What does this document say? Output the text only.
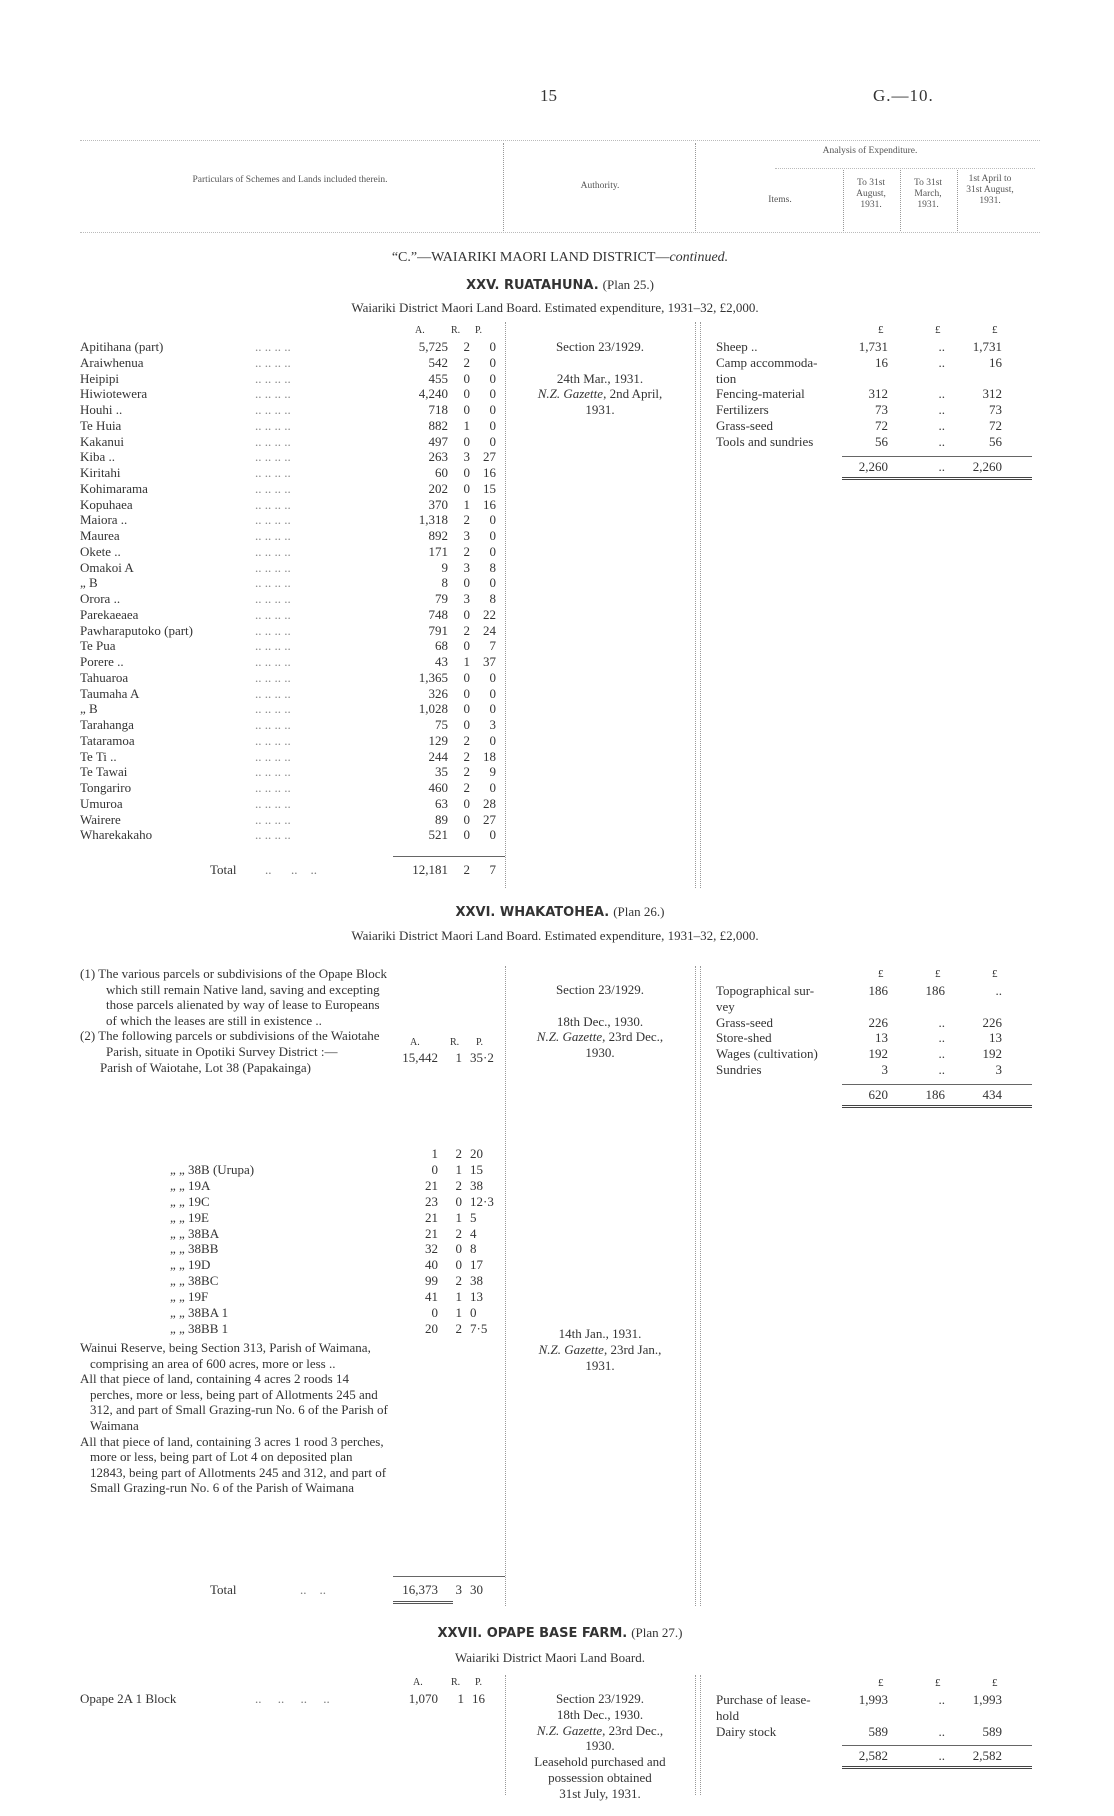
15	G.—10.
Particulars of Schemes and Lands included therein.
Authority.
Analysis of Expenditure.
Items.
To 31st August, 1931.
To 31st March, 1931.
1st April to 31st August, 1931.
“C.”—WAIARIKI MAORI LAND DISTRICT—continued.
XXV. RUATAHUNA. (Plan 25.)
Waiariki District Maori Land Board. Estimated expenditure, 1931–32, £2,000.
A.	R. P.
Apitihana (part)	.. .. .. ..	5,725	2	0
Araiwhenua	.. .. .. ..	542	2	0
Heipipi	.. .. .. ..	455	0	0
Hiwiotewera	.. .. .. ..	4,240	0	0
Houhi ..	.. .. .. ..	718	0	0
Te Huia	.. .. .. ..	882	1	0
Kakanui	.. .. .. ..	497	0	0
Kiba ..	.. .. .. ..	263	3	27
Kiritahi	.. .. .. ..	60	0	16
Kohimarama	.. .. .. ..	202	0	15
Kopuhaea	.. .. .. ..	370	1	16
Maiora ..	.. .. .. ..	1,318	2	0
Maurea	.. .. .. ..	892	3	0
Okete ..	.. .. .. ..	171	2	0
Omakoi A	.. .. .. ..	9	3	8
„ B	.. .. .. ..	8	0	0
Orora ..	.. .. .. ..	79	3	8
Parekaeaea	.. .. .. ..	748	0	22
Pawharaputoko (part)	.. .. .. ..	791	2	24
Te Pua	.. .. .. ..	68	0	7
Porere ..	.. .. .. ..	43	1	37
Tahuaroa	.. .. .. ..	1,365	0	0
Taumaha A	.. .. .. ..	326	0	0
„ B	.. .. .. ..	1,028	0	0
Tarahanga	.. .. .. ..	75	0	3
Tataramoa	.. .. .. ..	129	2	0
Te Ti ..	.. .. .. ..	244	2	18
Te Tawai	.. .. .. ..	35	2	9
Tongariro	.. .. .. ..	460	2	0
Umuroa	.. .. .. ..	63	0	28
Wairere	.. .. .. ..	89	0	27
Wharekakaho	.. .. .. ..	521	0	0
Total ..      ..    ..	12,181	2	7
Section 23/1929.
24th Mar., 1931.
N.Z. Gazette, 2nd April,
1931.
£	£	£
Sheep ..	1,731	..	1,731
Camp accommoda-	16	..	16
tion
Fencing-material	312	..	312
Fertilizers	73	..	73
Grass-seed	72	..	72
Tools and sundries	56	..	56
2,260	..	2,260
XXVI. WHAKATOHEA. (Plan 26.)
Waiariki District Maori Land Board. Estimated expenditure, 1931–32, £2,000.
(1) The various parcels or subdivisions of the Opape Block which still remain Native land, saving and excepting those parcels alienated by way of lease to Europeans of which the leases are still in existence ..
(2) The following parcels or subdivisions of the Waiotahe Parish, situate in Opotiki Survey District :—
Parish of Waiotahe, Lot 38 (Papakainga)
A.	R. P.
15,442	1 35·2
1	2 20
„ „ 38B (Urupa)	0	1 15
„ „ 19A	21	2 38
„ „ 19C	23	0 12·3
„ „ 19E	21	1 5
„ „ 38BA	21	2 4
„ „ 38BB	32	0 8
„ „ 19D	40	0 17
„ „ 38BC	99	2 38
„ „ 19F	41	1 13
„ „ 38BA 1	0	1 0
„ „ 38BB 1	20	2 7·5
Wainui Reserve, being Section 313, Parish of Waimana, comprising an area of 600 acres, more or less ..
All that piece of land, containing 4 acres 2 roods 14 perches, more or less, being part of Allotments 245 and 312, and part of Small Grazing-run No. 6 of the Parish of Waimana
All that piece of land, containing 3 acres 1 rood 3 perches, more or less, being part of Lot 4 on deposited plan 12843, being part of Allotments 245 and 312, and part of Small Grazing-run No. 6 of the Parish of Waimana
Total	..    ..	16,373	3 30
Section 23/1929.
18th Dec., 1930.
N.Z. Gazette, 23rd Dec.,
1930.
14th Jan., 1931.
N.Z. Gazette, 23rd Jan.,
1931.
£	£	£
Topographical sur-	186	186	..
vey
Grass-seed	226	..	226
Store-shed	13	..	13
Wages (cultivation)	192	..	192
Sundries	3	..	3
620	186	434
XXVII. OPAPE BASE FARM. (Plan 27.)
Waiariki District Maori Land Board.
A.	R. P.
Opape 2A 1 Block	..     ..     ..     ..	1,070	1 16	Section 23/1929.
18th Dec., 1930.
N.Z. Gazette, 23rd Dec.,
1930.
Leasehold purchased and
possession obtained
31st July, 1931.
£	£	£
Purchase of lease-	1,993	..	1,993
hold
Dairy stock	589	..	589
2,582	..	2,582
